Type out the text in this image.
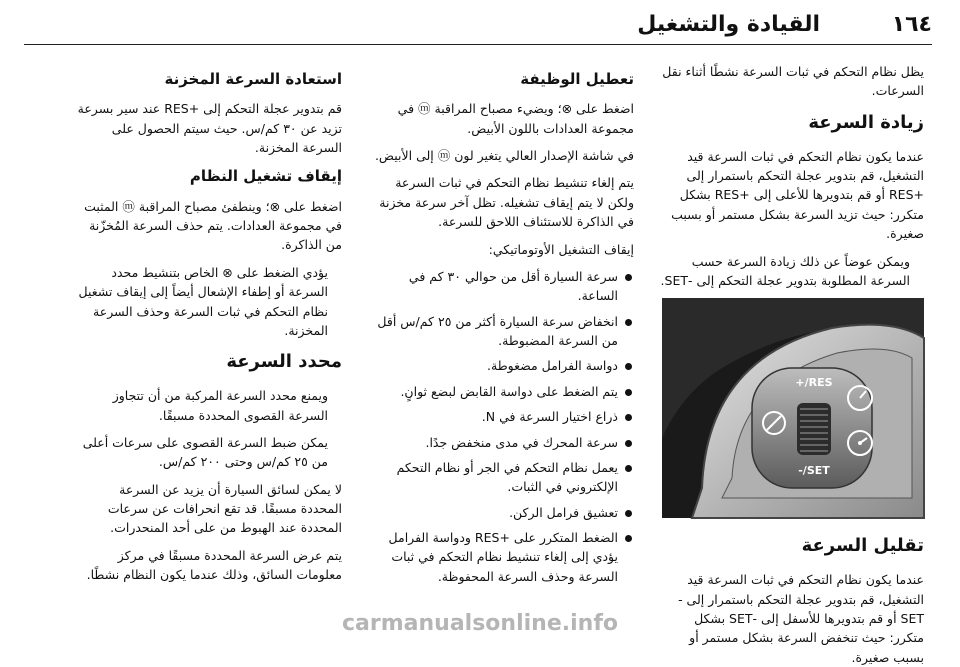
١٦٤
القيادة والتشغيل

يظل نظام التحكم في ثبات السرعة نشطًا أثناء نقل السرعات.

زيادة السرعة

عندما يكون نظام التحكم في ثبات السرعة قيد التشغيل، قم بتدوير عجلة التحكم باستمرار إلى +RES أو قم بتدويرها للأعلى إلى +RES بشكل متكرر: حيث تزيد السرعة بشكل مستمر أو بسبب صغيرة.

ويمكن عوضاً عن ذلك زيادة السرعة حسب السرعة المطلوبة بتدوير عجلة التحكم إلى -SET.

RES/+
SET/-
تقليل السرعة

عندما يكون نظام التحكم في ثبات السرعة قيد التشغيل، قم بتدوير عجلة التحكم باستمرار إلى -SET أو قم بتدويرها للأسفل إلى -SET بشكل متكرر: حيث تنخفض السرعة بشكل مستمر أو بسبب صغيرة.

تعطيل الوظيفة

اضغط على ⊗؛ ويضيء مصباح المراقبة ⓜ في مجموعة العدادات باللون الأبيض.

في شاشة الإصدار العالي يتغير لون ⓜ إلى الأبيض.

يتم إلغاء تنشيط نظام التحكم في ثبات السرعة ولكن لا يتم إيقاف تشغيله. تظل آخر سرعة مخزنة في الذاكرة للاستئناف اللاحق للسرعة.

إيقاف التشغيل الأوتوماتيكي:

سرعة السيارة أقل من حوالي ٣٠ كم في الساعة.
انخفاض سرعة السيارة أكثر من ٢٥ كم/س أقل من السرعة المضبوطة.
دواسة الفرامل مضغوطة.
يتم الضغط على دواسة القابض لبضع ثوانٍ.
ذراع اختيار السرعة في N.
سرعة المحرك في مدى منخفض جدًا.
يعمل نظام التحكم في الجر أو نظام التحكم الإلكتروني في الثبات.
تعشيق فرامل الركن.
الضغط المتكرر على +RES ودواسة الفرامل يؤدي إلى إلغاء تنشيط نظام التحكم في ثبات السرعة وحذف السرعة المحفوظة.
استعادة السرعة المخزنة

قم بتدوير عجلة التحكم إلى +RES عند سير بسرعة تزيد عن ٣٠ كم/س. حيث سيتم الحصول على السرعة المخزنة.

إيقاف تشغيل النظام

اضغط على ⊗؛ وينطفئ مصباح المراقبة ⓜ المثبت في مجموعة العدادات. يتم حذف السرعة المُخزّنة من الذاكرة.

يؤدي الضغط على ⊗ الخاص بتنشيط محدد السرعة أو إطفاء الإشعال أيضاً إلى إيقاف تشغيل نظام التحكم في ثبات السرعة وحذف السرعة المخزنة.

محدد السرعة

ويمنع محدد السرعة المركبة من أن تتجاوز السرعة القصوى المحددة مسبقًا.

يمكن ضبط السرعة القصوى على سرعات أعلى من ٢٥ كم/س وحتى ٢٠٠ كم/س.

لا يمكن لسائق السيارة أن يزيد عن السرعة المحددة مسبقًا. قد تقع انحرافات عن سرعات المحددة عند الهبوط من على أحد المنحدرات.

يتم عرض السرعة المحددة مسبقًا في مركز معلومات السائق، وذلك عندما يكون النظام نشطًا.

carmanualsonline.info
